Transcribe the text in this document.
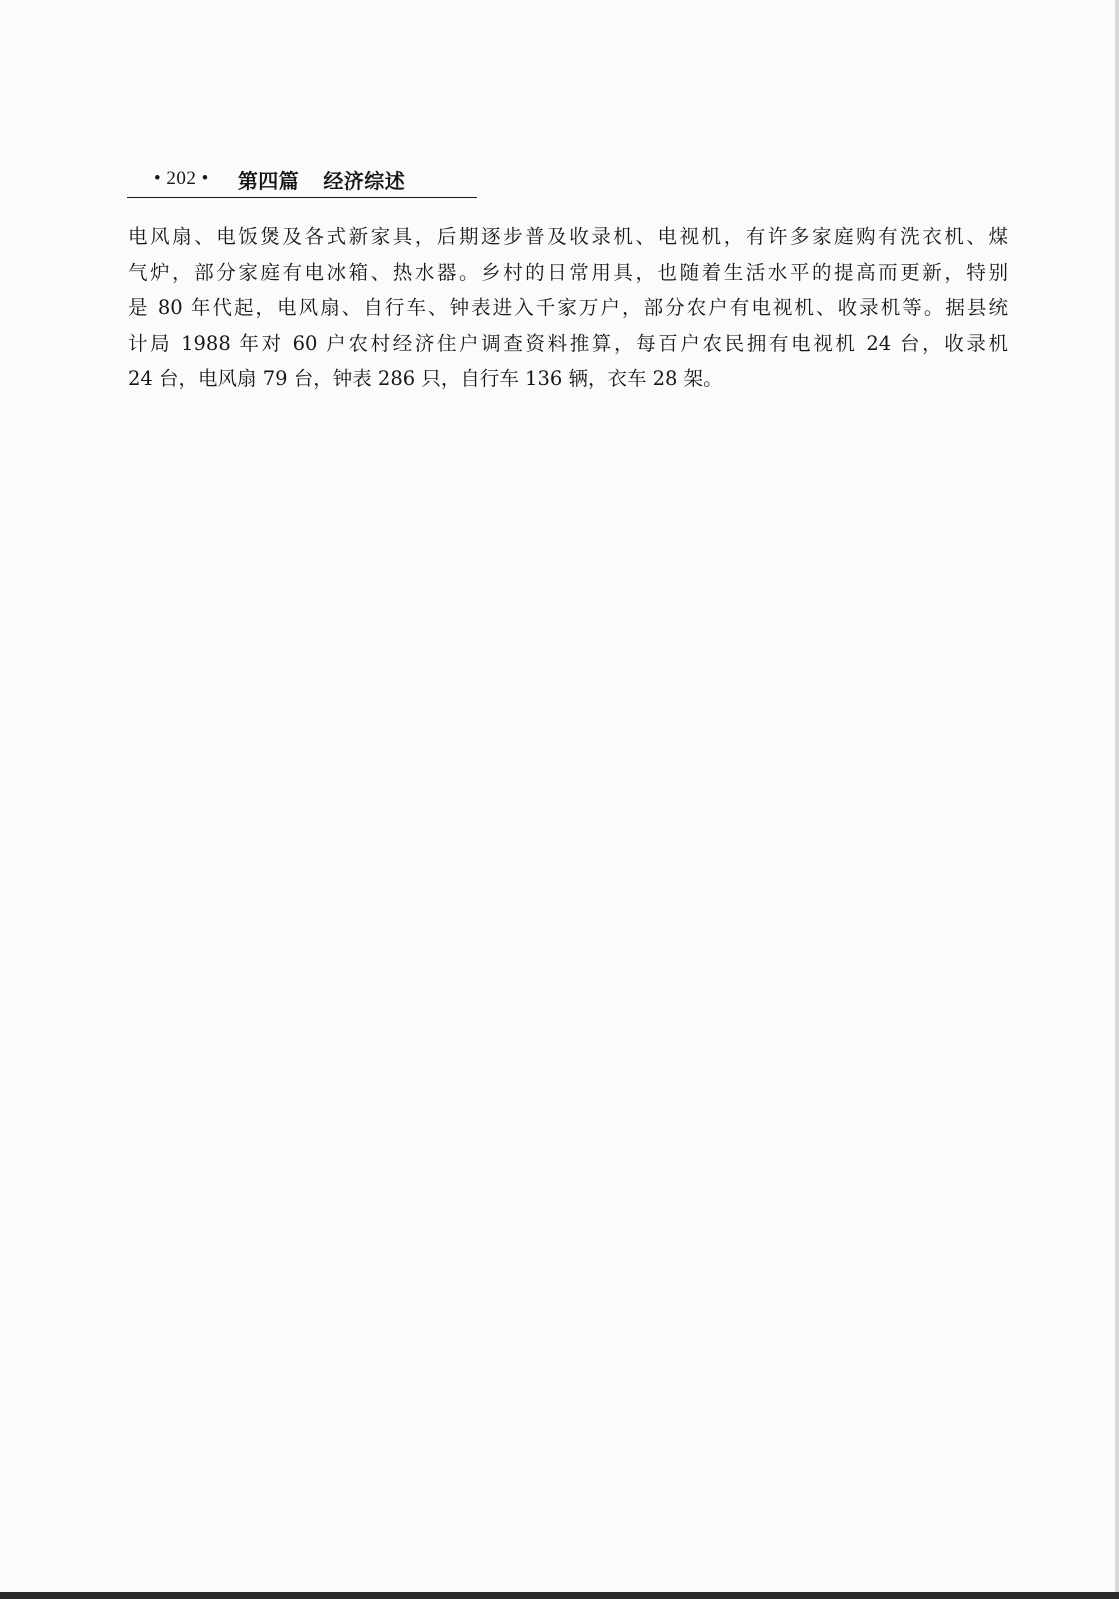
• 202 • 第四篇 经济综述
电风扇、电饭煲及各式新家具，后期逐步普及收录机、电视机，有许多家庭购有洗衣机、煤
气炉，部分家庭有电冰箱、热水器。乡村的日常用具，也随着生活水平的提高而更新，特别
是 80 年代起，电风扇、自行车、钟表进入千家万户，部分农户有电视机、收录机等。据县统
计局 1988 年对 60 户农村经济住户调查资料推算，每百户农民拥有电视机 24 台，收录机
24 台，电风扇 79 台，钟表 286 只，自行车 136 辆，衣车 28 架。
